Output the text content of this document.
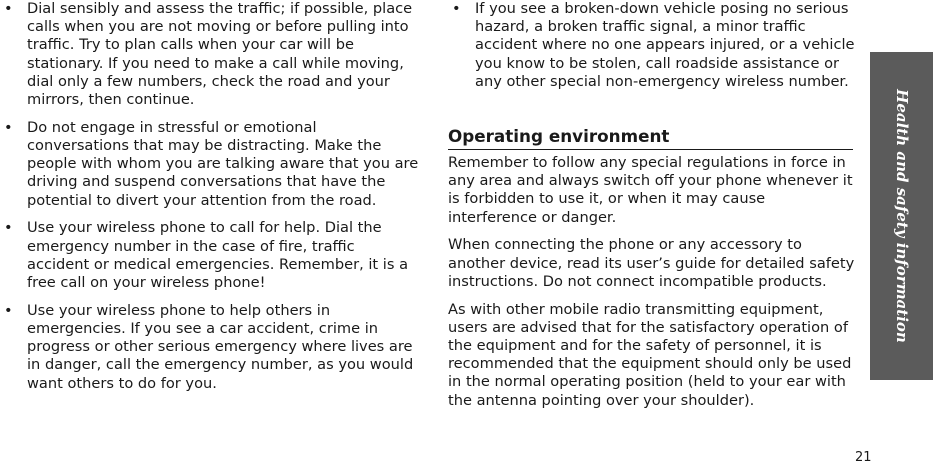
• Dial sensibly and assess the traffic; if possible, place calls when you are not moving or before pulling into traffic. Try to plan calls when your car will be stationary. If you need to make a call while moving, dial only a few numbers, check the road and your mirrors, then continue.
• Do not engage in stressful or emotional conversations that may be distracting. Make the people with whom you are talking aware that you are driving and suspend conversations that have the potential to divert your attention from the road.
• Use your wireless phone to call for help. Dial the emergency number in the case of fire, traffic accident or medical emergencies. Remember, it is a free call on your wireless phone!
• Use your wireless phone to help others in emergencies. If you see a car accident, crime in progress or other serious emergency where lives are in danger, call the emergency number, as you would want others to do for you.
• If you see a broken-down vehicle posing no serious hazard, a broken traffic signal, a minor traffic accident where no one appears injured, or a vehicle you know to be stolen, call roadside assistance or any other special non-emergency wireless number.
Operating environment

Remember to follow any special regulations in force in any area and always switch off your phone whenever it is forbidden to use it, or when it may cause interference or danger.

When connecting the phone or any accessory to another device, read its user’s guide for detailed safety instructions. Do not connect incompatible products.

As with other mobile radio transmitting equipment, users are advised that for the satisfactory operation of the equipment and for the safety of personnel, it is recommended that the equipment should only be used in the normal operating position (held to your ear with the antenna pointing over your shoulder).

Health and safety information
21
